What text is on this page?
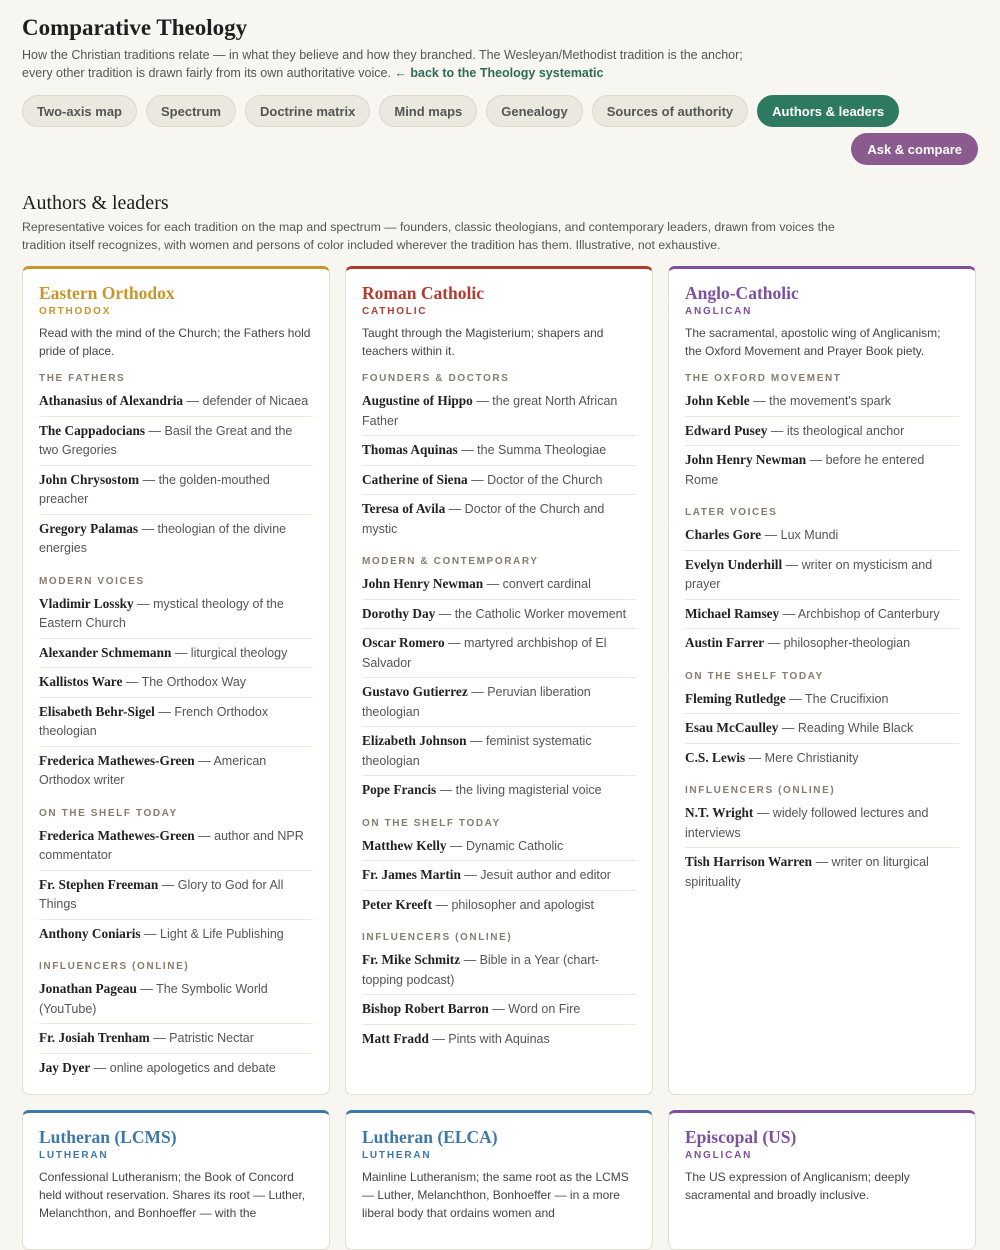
Comparative Theology

How the Christian traditions relate — in what they believe and how they branched. The Wesleyan/Methodist tradition is the anchor; every other tradition is drawn fairly from its own authoritative voice. ← back to the Theology systematic

Two-axis map	Spectrum	Doctrine matrix	Mind maps	Genealogy	Sources of authority	Authors & leaders
Ask & compare
Authors & leaders

Representative voices for each tradition on the map and spectrum — founders, classic theologians, and contemporary leaders, drawn from voices the tradition itself recognizes, with women and persons of color included wherever the tradition has them. Illustrative, not exhaustive.

Eastern Orthodox
ORTHODOX
Read with the mind of the Church; the Fathers hold pride of place.
THE FATHERS
Athanasius of Alexandria — defender of Nicaea
The Cappadocians — Basil the Great and the two Gregories
John Chrysostom — the golden-mouthed preacher
Gregory Palamas — theologian of the divine energies
MODERN VOICES
Vladimir Lossky — mystical theology of the Eastern Church
Alexander Schmemann — liturgical theology
Kallistos Ware — The Orthodox Way
Elisabeth Behr-Sigel — French Orthodox theologian
Frederica Mathewes-Green — American Orthodox writer
ON THE SHELF TODAY
Frederica Mathewes-Green — author and NPR commentator
Fr. Stephen Freeman — Glory to God for All Things
Anthony Coniaris — Light & Life Publishing
INFLUENCERS (ONLINE)
Jonathan Pageau — The Symbolic World (YouTube)
Fr. Josiah Trenham — Patristic Nectar
Jay Dyer — online apologetics and debate
Roman Catholic
CATHOLIC
Taught through the Magisterium; shapers and teachers within it.
FOUNDERS & DOCTORS
Augustine of Hippo — the great North African Father
Thomas Aquinas — the Summa Theologiae
Catherine of Siena — Doctor of the Church
Teresa of Avila — Doctor of the Church and mystic
MODERN & CONTEMPORARY
John Henry Newman — convert cardinal
Dorothy Day — the Catholic Worker movement
Oscar Romero — martyred archbishop of El Salvador
Gustavo Gutierrez — Peruvian liberation theologian
Elizabeth Johnson — feminist systematic theologian
Pope Francis — the living magisterial voice
ON THE SHELF TODAY
Matthew Kelly — Dynamic Catholic
Fr. James Martin — Jesuit author and editor
Peter Kreeft — philosopher and apologist
INFLUENCERS (ONLINE)
Fr. Mike Schmitz — Bible in a Year (chart-topping podcast)
Bishop Robert Barron — Word on Fire
Matt Fradd — Pints with Aquinas
Anglo-Catholic
ANGLICAN
The sacramental, apostolic wing of Anglicanism; the Oxford Movement and Prayer Book piety.
THE OXFORD MOVEMENT
John Keble — the movement's spark
Edward Pusey — its theological anchor
John Henry Newman — before he entered Rome
LATER VOICES
Charles Gore — Lux Mundi
Evelyn Underhill — writer on mysticism and prayer
Michael Ramsey — Archbishop of Canterbury
Austin Farrer — philosopher-theologian
ON THE SHELF TODAY
Fleming Rutledge — The Crucifixion
Esau McCaulley — Reading While Black
C.S. Lewis — Mere Christianity
INFLUENCERS (ONLINE)
N.T. Wright — widely followed lectures and interviews
Tish Harrison Warren — writer on liturgical spirituality
Lutheran (LCMS)
LUTHERAN
Confessional Lutheranism; the Book of Concord held without reservation. Shares its root — Luther, Melanchthon, and Bonhoeffer — with the
Lutheran (ELCA)
LUTHERAN
Mainline Lutheranism; the same root as the LCMS — Luther, Melanchthon, Bonhoeffer — in a more liberal body that ordains women and
Episcopal (US)
ANGLICAN
The US expression of Anglicanism; deeply sacramental and broadly inclusive.
